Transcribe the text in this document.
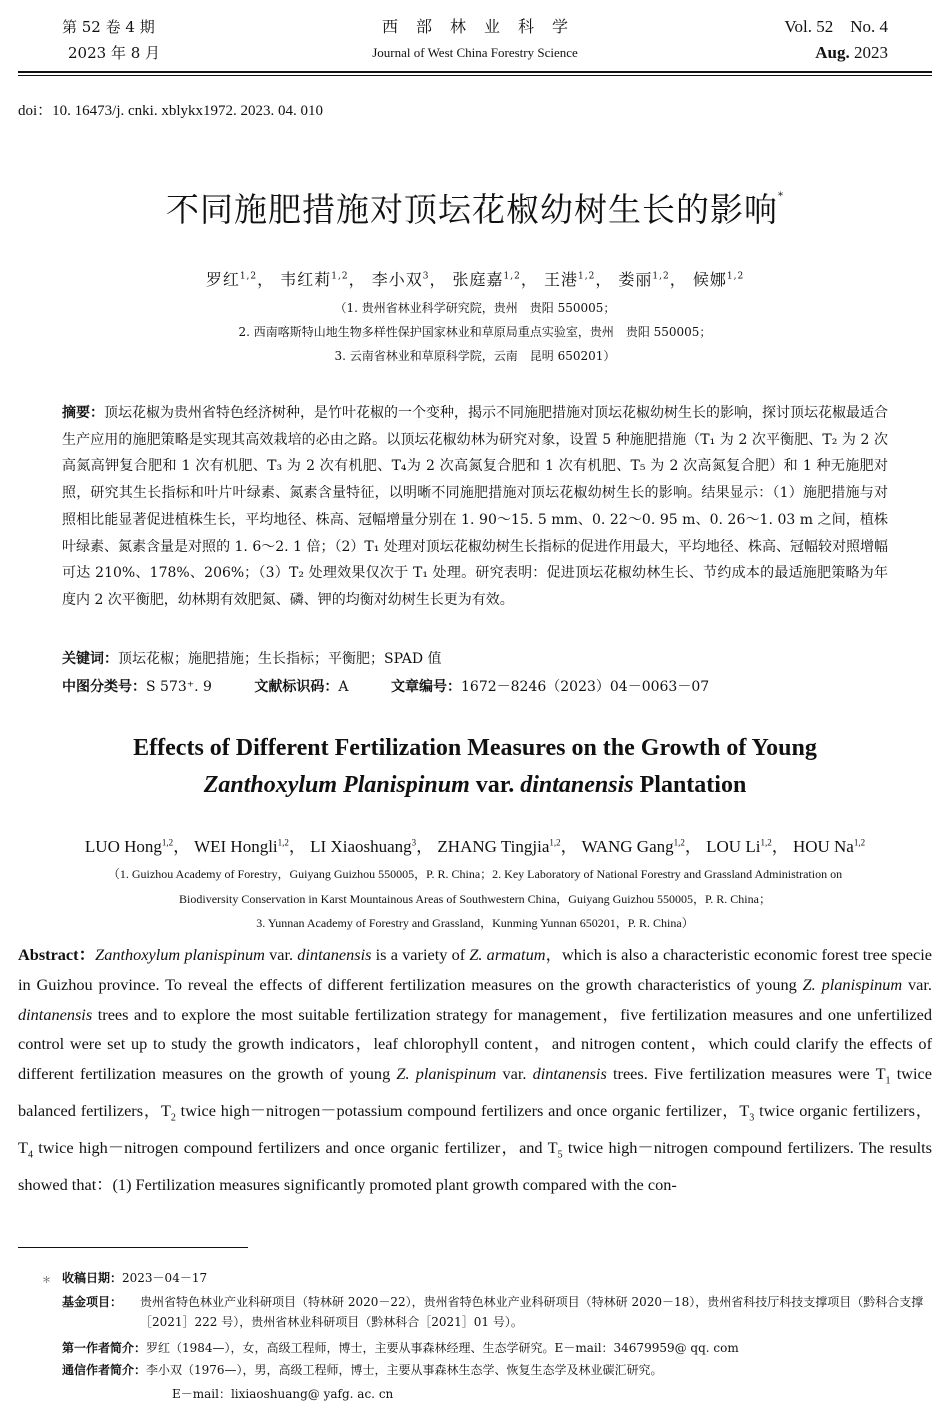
第 52 卷 4 期
2023 年 8 月
西部林业科学
Journal of West China Forestry Science
Vol. 52    No. 4
Aug. 2023
doi：10. 16473/j. cnki. xblykx1972. 2023. 04. 010
不同施肥措施对顶坛花椒幼树生长的影响*
罗红$^{1,2}$， 韦红莉$^{1,2}$， 李小双$^3$， 张庭嘉$^{1,2}$， 王港$^{1,2}$， 娄丽$^{1,2}$， 候娜$^{1,2}$
（1. 贵州省林业科学研究院，贵州　贵阳 550005；
2. 西南喀斯特山地生物多样性保护国家林业和草原局重点实验室，贵州　贵阳 550005；
3. 云南省林业和草原科学院，云南　昆明 650201）
摘要：顶坛花椒为贵州省特色经济树种，是竹叶花椒的一个变种，揭示不同施肥措施对顶坛花椒幼树生长的影响，探讨顶坛花椒最适合生产应用的施肥策略是实现其高效栽培的必由之路。以顶坛花椒幼林为研究对象，设置 5 种施肥措施（T₁ 为 2 次平衡肥、T₂ 为 2 次高氮高钾复合肥和 1 次有机肥、T₃ 为 2 次有机肥、T₄为 2 次高氮复合肥和 1 次有机肥、T₅ 为 2 次高氮复合肥）和 1 种无施肥对照，研究其生长指标和叶片叶绿素、氮素含量特征，以明晰不同施肥措施对顶坛花椒幼树生长的影响。结果显示：（1）施肥措施与对照相比能显著促进植株生长，平均地径、株高、冠幅增量分别在 1. 90～15. 5 mm、0. 22～0. 95 m、0. 26～1. 03 m 之间，植株叶绿素、氮素含量是对照的 1. 6～2. 1 倍；（2）T₁ 处理对顶坛花椒幼树生长指标的促进作用最大，平均地径、株高、冠幅较对照增幅可达 210%、178%、206%；（3）T₂ 处理效果仅次于 T₁ 处理。研究表明：促进顶坛花椒幼林生长、节约成本的最适施肥策略为年度内 2 次平衡肥，幼林期有效肥氮、磷、钾的均衡对幼树生长更为有效。
关键词：顶坛花椒；施肥措施；生长指标；平衡肥；SPAD 值
中图分类号：S 573⁺. 9	文献标识码：A	文章编号：1672－8246（2023）04－0063－07
Effects of Different Fertilization Measures on the Growth of Young
Zanthoxylum Planispinum var. dintanensis Plantation
LUO Hong$^{1,2}$， WEI Hongli$^{1,2}$， LI Xiaoshuang$^3$， ZHANG Tingjia$^{1,2}$， WANG Gang$^{1,2}$， LOU Li$^{1,2}$， HOU Na$^{1,2}$
（1. Guizhou Academy of Forestry，Guiyang Guizhou 550005，P. R. China；2. Key Laboratory of National Forestry and Grassland Administration on
Biodiversity Conservation in Karst Mountainous Areas of Southwestern China，Guiyang Guizhou 550005，P. R. China；
3. Yunnan Academy of Forestry and Grassland，Kunming Yunnan 650201，P. R. China）
Abstract：Zanthoxylum planispinum var. dintanensis is a variety of Z. armatum，which is also a characteristic economic forest tree specie in Guizhou province. To reveal the effects of different fertilization measures on the growth characteristics of young Z. planispinum var. dintanensis trees and to explore the most suitable fertilization strategy for management，five fertilization measures and one unfertilized control were set up to study the growth indicators，leaf chlorophyll content，and nitrogen content，which could clarify the effects of different fertilization measures on the growth of young Z. planispinum var. dintanensis trees. Five fertilization measures were $T_1$ twice balanced fertilizers，$T_2$ twice high－nitrogen－potassium compound fertilizers and once organic fertilizer，$T_3$ twice organic fertilizers，$T_4$ twice high－nitrogen compound fertilizers and once organic fertilizer，and $T_5$ twice high－nitrogen compound fertilizers. The results showed that：(1) Fertilization measures significantly promoted plant growth compared with the con-
＊ 收稿日期：2023－04－17
基金项目： 贵州省特色林业产业科研项目（特林研 2020－22），贵州省特色林业产业科研项目（特林研 2020－18），贵州省科技厅科技支撑项目（黔科合支撑［2021］222 号），贵州省林业科研项目（黔林科合［2021］01 号）。
第一作者简介：罗红（1984—），女，高级工程师，博士，主要从事森林经理、生态学研究。E－mail：34679959@ qq. com
通信作者简介：李小双（1976—），男，高级工程师，博士，主要从事森林生态学、恢复生态学及林业碳汇研究。
E－mail：lixiaoshuang@ yafg. ac. cn
